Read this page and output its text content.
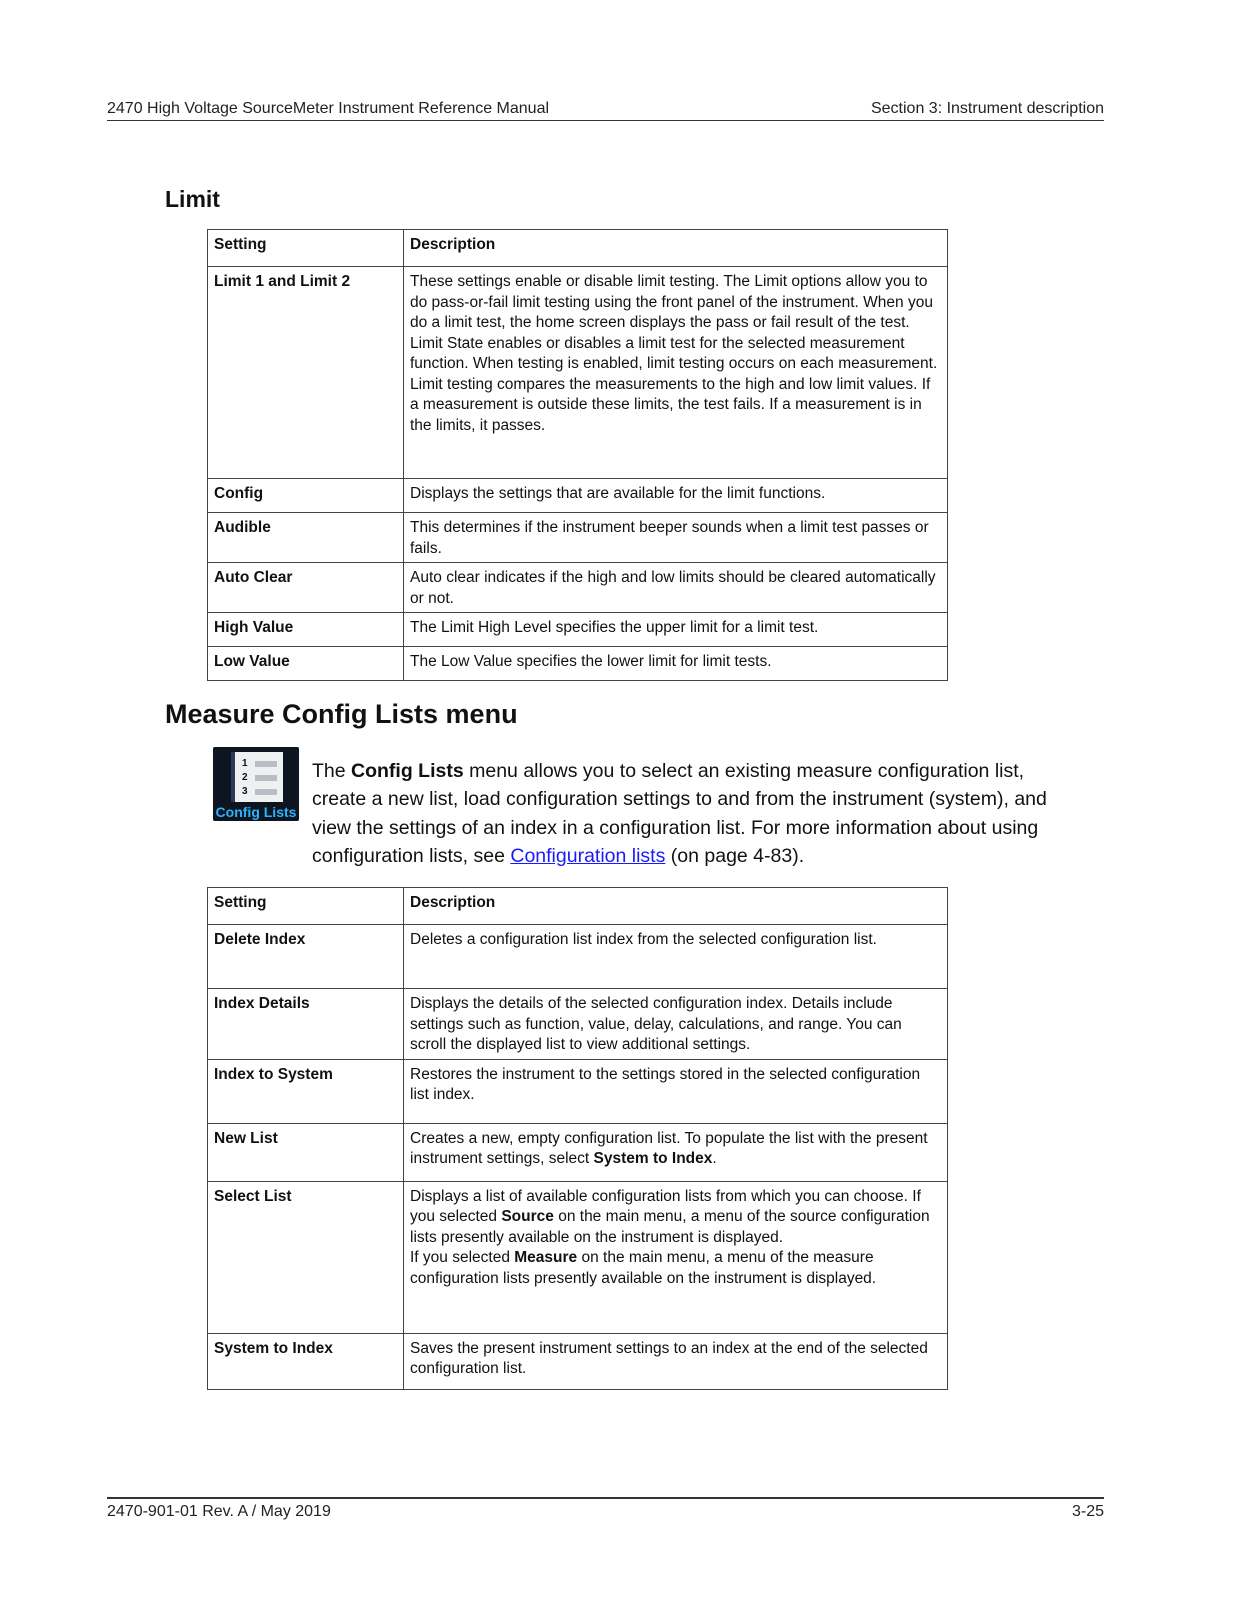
2470 High Voltage SourceMeter Instrument Reference Manual	Section 3: Instrument description
Limit
Setting	Description
Limit 1 and Limit 2	These settings enable or disable limit testing. The Limit options allow you to do pass-or-fail limit testing using the front panel of the instrument. When you do a limit test, the home screen displays the pass or fail result of the test.
Limit State enables or disables a limit test for the selected measurement function. When testing is enabled, limit testing occurs on each measurement. Limit testing compares the measurements to the high and low limit values. If a measurement is outside these limits, the test fails. If a measurement is in the limits, it passes.

Config	Displays the settings that are available for the limit functions.
Audible	This determines if the instrument beeper sounds when a limit test passes or fails.
Auto Clear	Auto clear indicates if the high and low limits should be cleared automatically or not.
High Value	The Limit High Level specifies the upper limit for a limit test.
Low Value	The Low Value specifies the lower limit for limit tests.
Measure Config Lists menu
1
2
3
Config Lists

The Config Lists menu allows you to select an existing measure configuration list, create a new list, load configuration settings to and from the instrument (system), and view the settings of an index in a configuration list. For more information about using configuration lists, see Configuration lists (on page 4-83).

Setting	Description
Delete Index	Deletes a configuration list index from the selected configuration list.
Index Details	Displays the details of the selected configuration index. Details include settings such as function, value, delay, calculations, and range. You can scroll the displayed list to view additional settings.
Index to System	Restores the instrument to the settings stored in the selected configuration list index.
New List	Creates a new, empty configuration list. To populate the list with the present instrument settings, select System to Index.
Select List	Displays a list of available configuration lists from which you can choose. If you selected Source on the main menu, a menu of the source configuration lists presently available on the instrument is displayed.
If you selected Measure on the main menu, a menu of the measure configuration lists presently available on the instrument is displayed.

System to Index	Saves the present instrument settings to an index at the end of the selected configuration list.
2470-901-01 Rev. A / May 2019	3-25
